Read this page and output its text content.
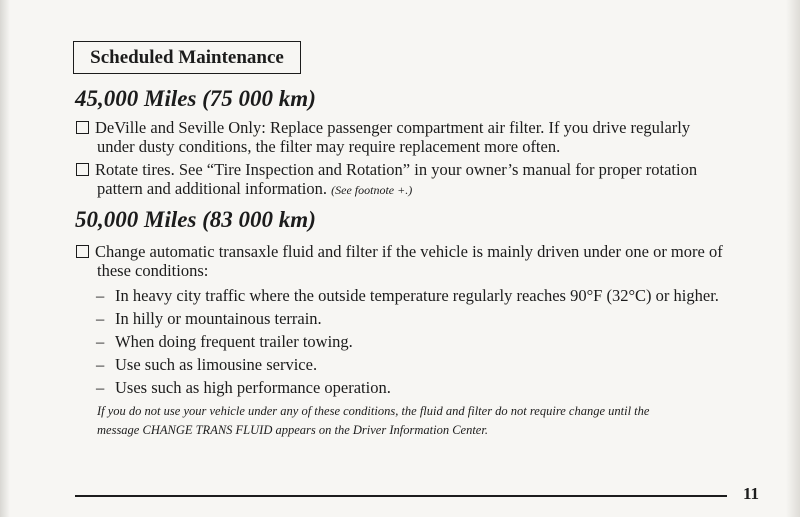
Scheduled Maintenance
45,000 Miles (75 000 km)
DeVille and Seville Only: Replace passenger compartment air filter. If you drive regularly
under dusty conditions, the filter may require replacement more often.
Rotate tires. See “Tire Inspection and Rotation” in your owner’s manual for proper rotation
pattern and additional information. (See footnote +.)
50,000 Miles (83 000 km)
Change automatic transaxle fluid and filter if the vehicle is mainly driven under one or more of
these conditions:
– In heavy city traffic where the outside temperature regularly reaches 90°F (32°C) or higher.
– In hilly or mountainous terrain.
– When doing frequent trailer towing.
– Use such as limousine service.
– Uses such as high performance operation.
If you do not use your vehicle under any of these conditions, the fluid and filter do not require change until the
message CHANGE TRANS FLUID appears on the Driver Information Center.
11
